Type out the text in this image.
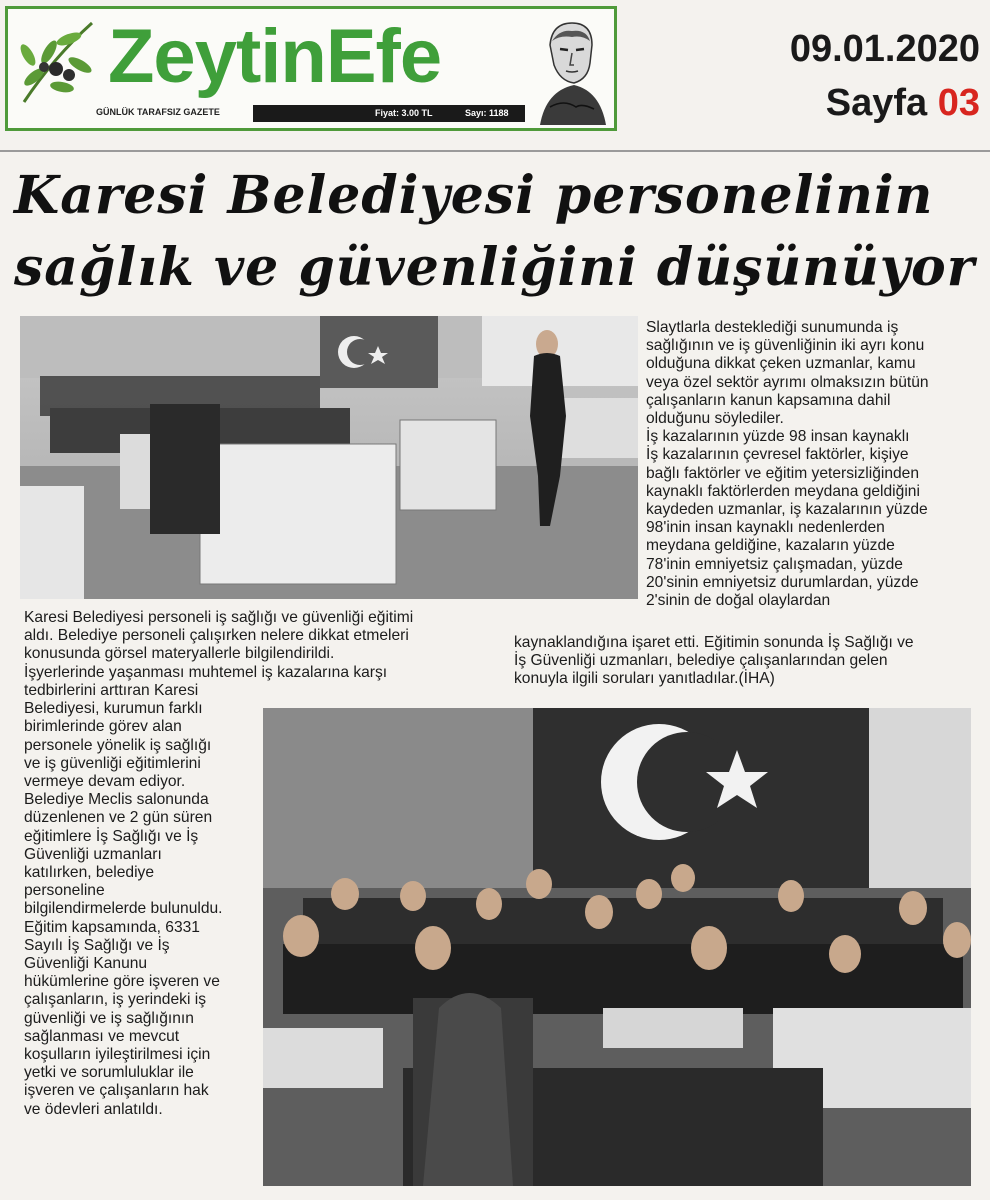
ZeytinEfe
GÜNLÜK TARAFSIZ GAZETE	Fiyat: 3.00 TL	Sayı: 1188
09.01.2020
Sayfa 03
Karesi Belediyesi personelinin
sağlık ve güvenliğini düşünüyor

Slaytlarla desteklediği sunumunda iş

sağlığının ve iş güvenliğinin iki ayrı konu

olduğuna dikkat çeken uzmanlar, kamu

veya özel sektör ayrımı olmaksızın bütün

çalışanların kanun kapsamına dahil

olduğunu söylediler.

İş kazalarının yüzde 98 insan kaynaklı

İş kazalarının çevresel faktörler, kişiye

bağlı faktörler ve eğitim yetersizliğinden

kaynaklı faktörlerden meydana geldiğini

kaydeden uzmanlar, iş kazalarının yüzde

98'inin insan kaynaklı nedenlerden

meydana geldiğine, kazaların yüzde

78'inin emniyetsiz çalışmadan, yüzde

20'sinin emniyetsiz durumlardan, yüzde

2'sinin de doğal olaylardan

kaynaklandığına işaret etti. Eğitimin sonunda İş Sağlığı ve

İş Güvenliği uzmanları, belediye çalışanlarından gelen

konuyla ilgili soruları yanıtladılar.(İHA)

Karesi Belediyesi personeli iş sağlığı ve güvenliği eğitimi

aldı. Belediye personeli çalışırken nelere dikkat etmeleri

konusunda görsel materyallerle bilgilendirildi.

İşyerlerinde yaşanması muhtemel iş kazalarına karşı

tedbirlerini arttıran Karesi

Belediyesi, kurumun farklı

birimlerinde görev alan

personele yönelik iş sağlığı

ve iş güvenliği eğitimlerini

vermeye devam ediyor.

Belediye Meclis salonunda

düzenlenen ve 2 gün süren

eğitimlere İş Sağlığı ve İş

Güvenliği uzmanları

katılırken, belediye

personeline

bilgilendirmelerde bulunuldu.

Eğitim kapsamında, 6331

Sayılı İş Sağlığı ve İş

Güvenliği Kanunu

hükümlerine göre işveren ve

çalışanların, iş yerindeki iş

güvenliği ve iş sağlığının

sağlanması ve mevcut

koşulların iyileştirilmesi için

yetki ve sorumluluklar ile

işveren ve çalışanların hak

ve ödevleri anlatıldı.
